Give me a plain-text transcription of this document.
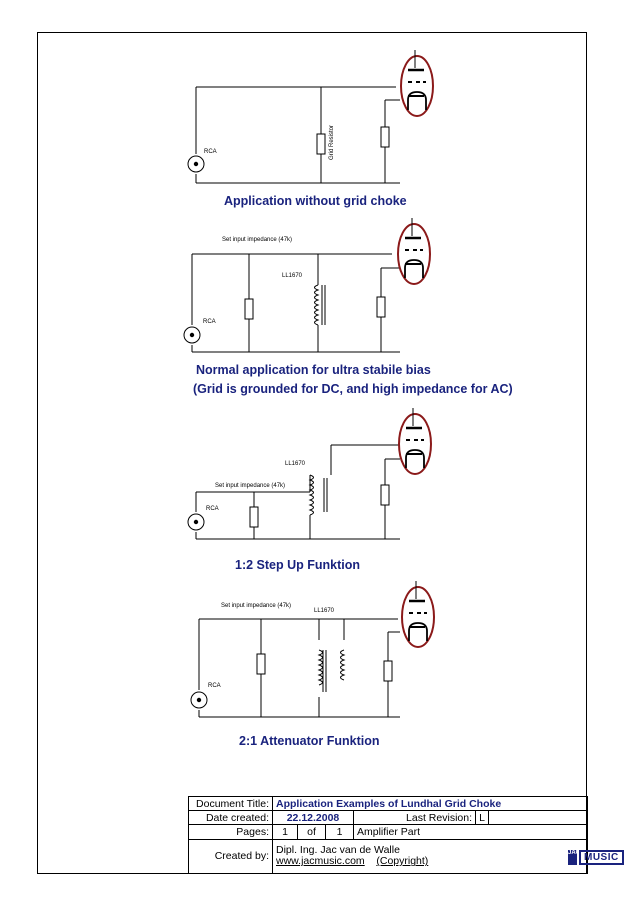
RCA	Grid Resistor
Set input impedance (47k)
LL1670
RCA
LL1670
Set input impedance (47k)
RCA
Set input impedance (47k)
LL1670
RCA
Application without grid choke
Normal application for ultra stabile bias
(Grid is grounded for DC, and high impedance for AC)
1:2 Step Up Funktion
2:1 Attenuator Funktion
Document Title:	Application Examples of Lundhal Grid Choke					
Date created:	22.12.2008			Last Revision:	L	
Pages:	1	of	1	Amplifier Part		
Created by:	Dipl. Ing. Jac van de Walle
www.jacmusic.com (Copyright)
JAC MUSIC					
